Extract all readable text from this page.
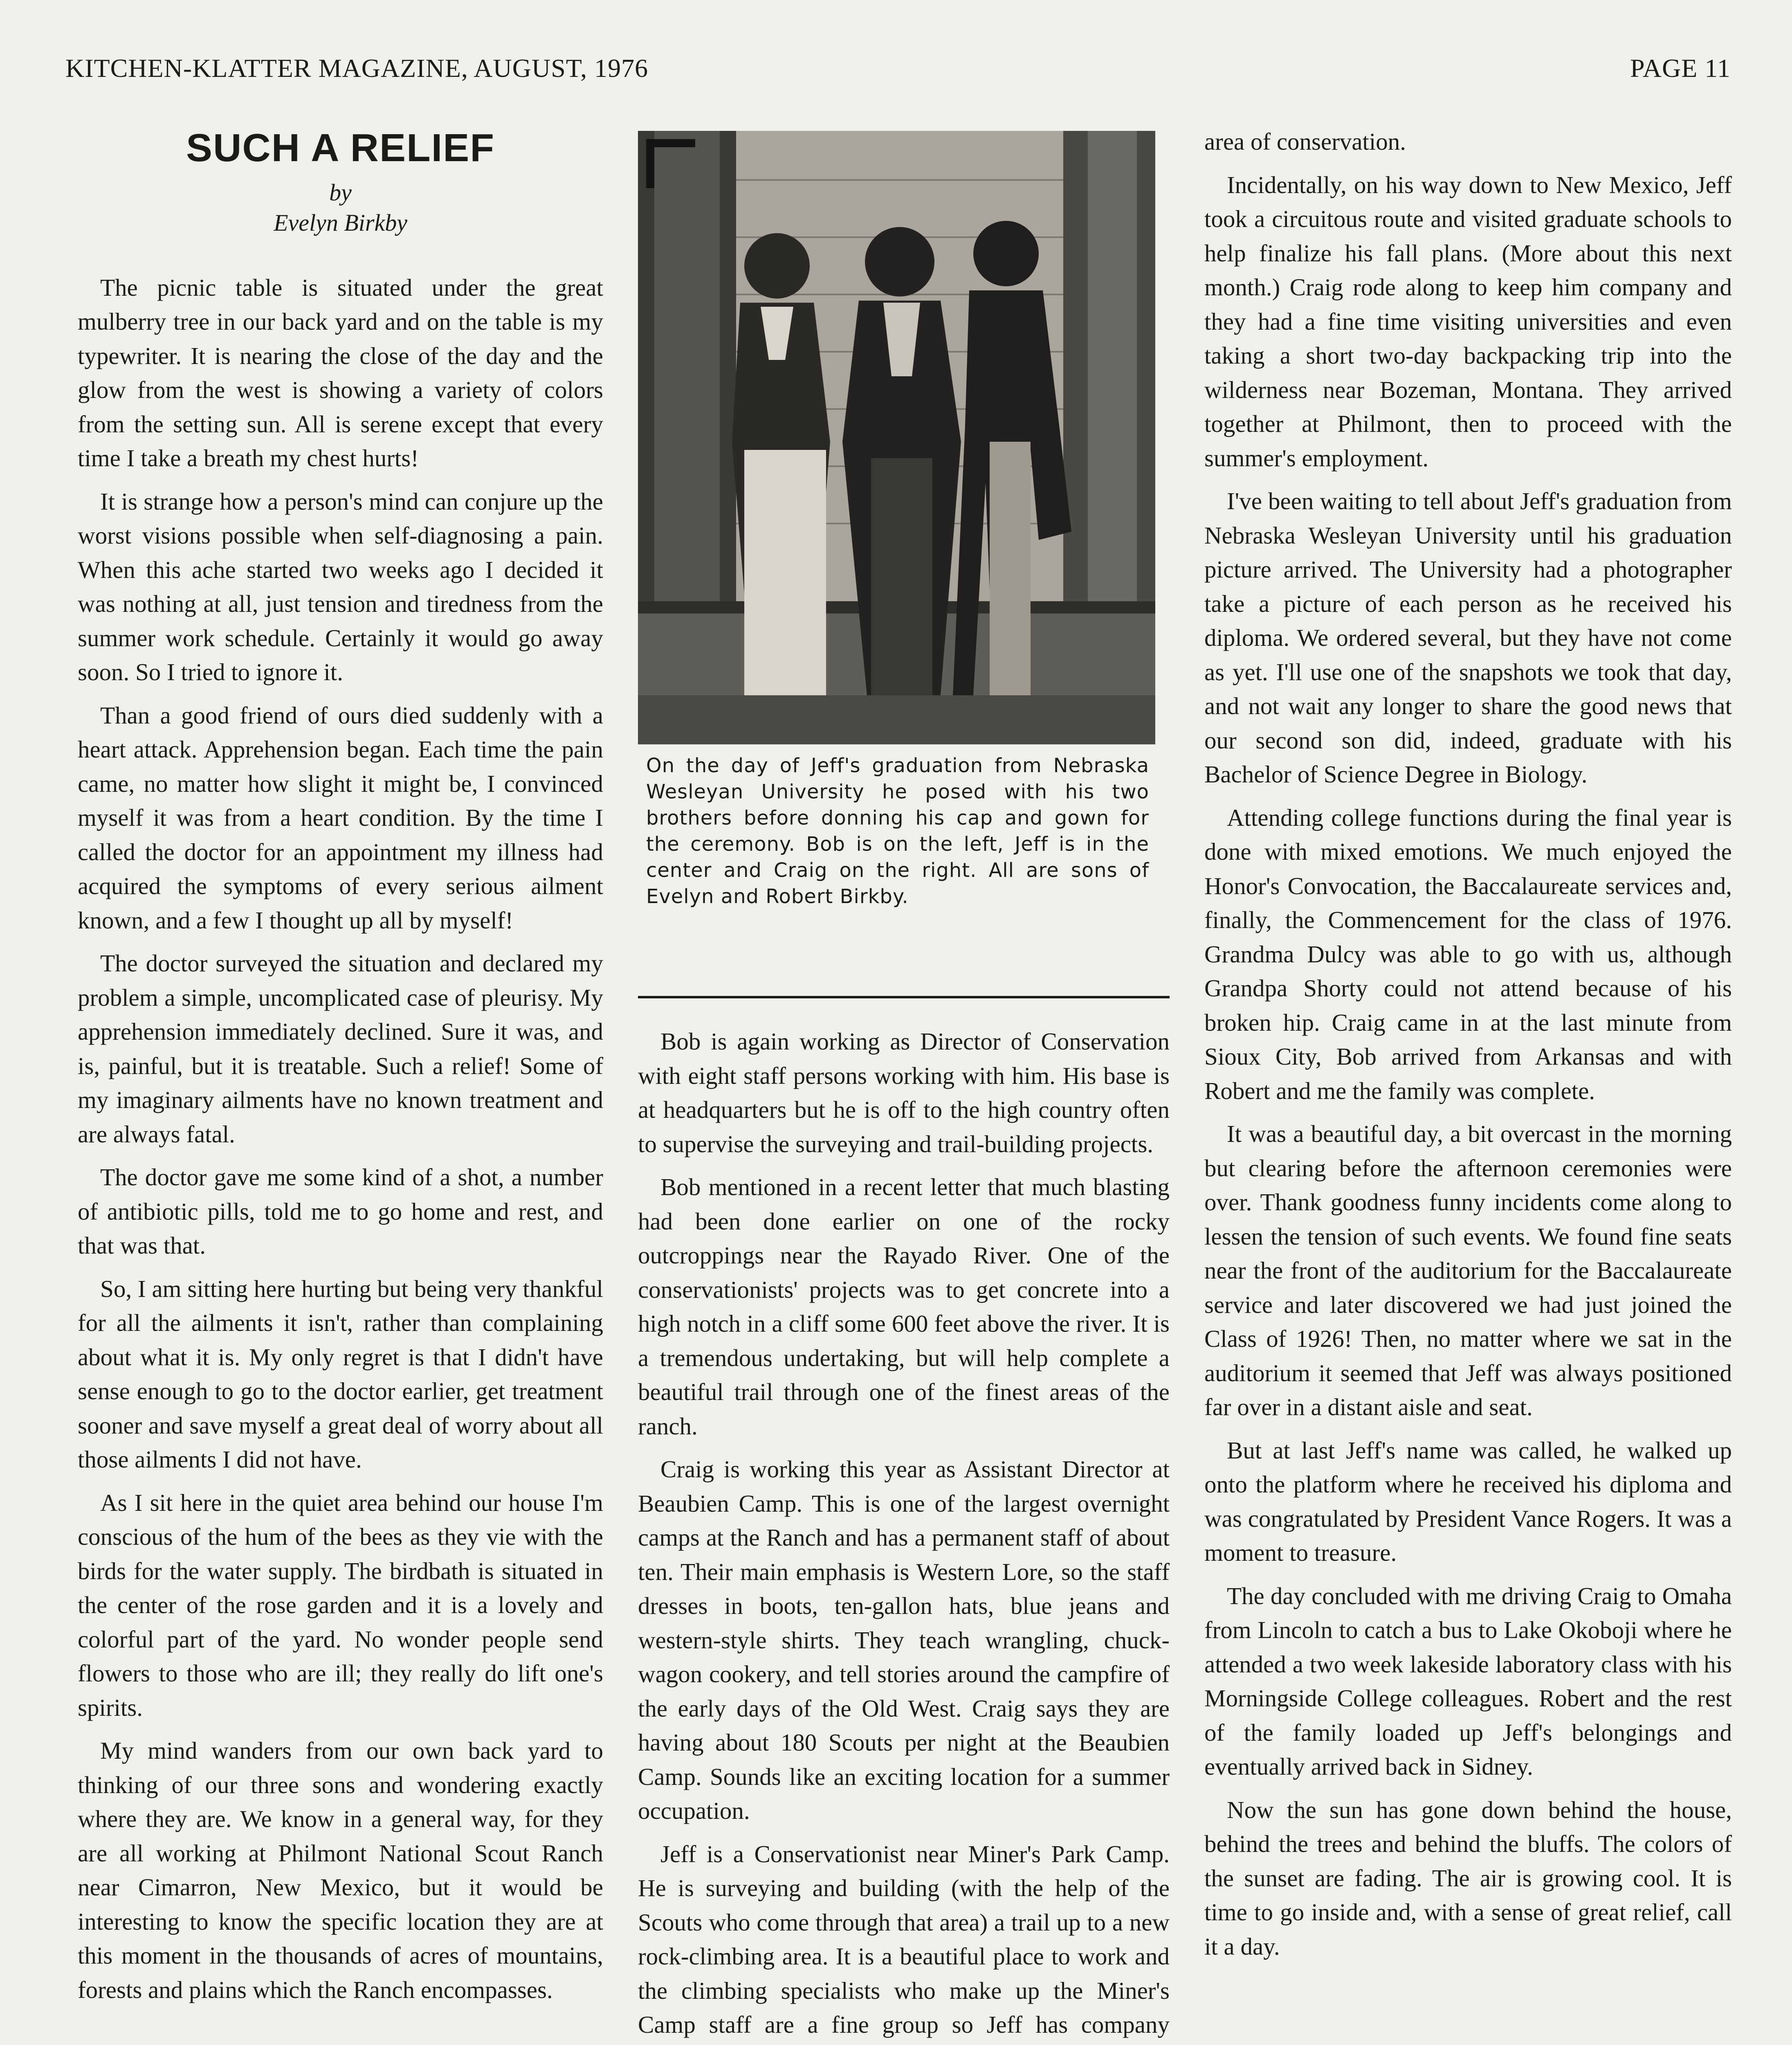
KITCHEN-KLATTER MAGAZINE, AUGUST, 1976	PAGE 11
SUCH A RELIEF
by
Evelyn Birkby

The picnic table is situated under the great mulberry tree in our back yard and on the table is my typewriter. It is nearing the close of the day and the glow from the west is showing a variety of colors from the setting sun. All is serene except that every time I take a breath my chest hurts!

It is strange how a person's mind can conjure up the worst visions possible when self-diagnosing a pain. When this ache started two weeks ago I decided it was nothing at all, just tension and tiredness from the summer work schedule. Certainly it would go away soon. So I tried to ignore it.

Than a good friend of ours died suddenly with a heart attack. Apprehension began. Each time the pain came, no matter how slight it might be, I convinced myself it was from a heart condition. By the time I called the doctor for an appointment my illness had acquired the symptoms of every serious ailment known, and a few I thought up all by myself!

The doctor surveyed the situation and declared my problem a simple, uncomplicated case of pleurisy. My apprehension immediately declined. Sure it was, and is, painful, but it is treatable. Such a relief! Some of my imaginary ailments have no known treatment and are always fatal.

The doctor gave me some kind of a shot, a number of antibiotic pills, told me to go home and rest, and that was that.

So, I am sitting here hurting but being very thankful for all the ailments it isn't, rather than complaining about what it is. My only regret is that I didn't have sense enough to go to the doctor earlier, get treatment sooner and save myself a great deal of worry about all those ailments I did not have.

As I sit here in the quiet area behind our house I'm conscious of the hum of the bees as they vie with the birds for the water supply. The birdbath is situated in the center of the rose garden and it is a lovely and colorful part of the yard. No wonder people send flowers to those who are ill; they really do lift one's spirits.

My mind wanders from our own back yard to thinking of our three sons and wondering exactly where they are. We know in a general way, for they are all working at Philmont National Scout Ranch near Cimarron, New Mexico, but it would be interesting to know the specific location they are at this moment in the thousands of acres of mountains, forests and plains which the Ranch encompasses.

On the day of Jeff's graduation from Nebraska Wesleyan University he posed with his two brothers before donning his cap and gown for the ceremony. Bob is on the left, Jeff is in the center and Craig on the right. All are sons of Evelyn and Robert Birkby.

Bob is again working as Director of Conservation with eight staff persons working with him. His base is at headquarters but he is off to the high country often to supervise the surveying and trail-building projects.

Bob mentioned in a recent letter that much blasting had been done earlier on one of the rocky outcroppings near the Rayado River. One of the conservationists' projects was to get concrete into a high notch in a cliff some 600 feet above the river. It is a tremendous undertaking, but will help complete a beautiful trail through one of the finest areas of the ranch.

Craig is working this year as Assistant Director at Beaubien Camp. This is one of the largest overnight camps at the Ranch and has a permanent staff of about ten. Their main emphasis is Western Lore, so the staff dresses in boots, ten-gallon hats, blue jeans and western-style shirts. They teach wrangling, chuck-wagon cookery, and tell stories around the campfire of the early days of the Old West. Craig says they are having about 180 Scouts per night at the Beaubien Camp. Sounds like an exciting location for a summer occupation.

Jeff is a Conservationist near Miner's Park Camp. He is surveying and building (with the help of the Scouts who come through that area) a trail up to a new rock-climbing area. It is a beautiful place to work and the climbing specialists who make up the Miner's Camp staff are a fine group so Jeff has company

area of conservation.

Incidentally, on his way down to New Mexico, Jeff took a circuitous route and visited graduate schools to help finalize his fall plans. (More about this next month.) Craig rode along to keep him company and they had a fine time visiting universities and even taking a short two-day backpacking trip into the wilderness near Bozeman, Montana. They arrived together at Philmont, then to proceed with the summer's employment.

I've been waiting to tell about Jeff's graduation from Nebraska Wesleyan University until his graduation picture arrived. The University had a photographer take a picture of each person as he received his diploma. We ordered several, but they have not come as yet. I'll use one of the snapshots we took that day, and not wait any longer to share the good news that our second son did, indeed, graduate with his Bachelor of Science Degree in Biology.

Attending college functions during the final year is done with mixed emotions. We much enjoyed the Honor's Convocation, the Baccalaureate services and, finally, the Commencement for the class of 1976. Grandma Dulcy was able to go with us, although Grandpa Shorty could not attend because of his broken hip. Craig came in at the last minute from Sioux City, Bob arrived from Arkansas and with Robert and me the family was complete.

It was a beautiful day, a bit overcast in the morning but clearing before the afternoon ceremonies were over. Thank goodness funny incidents come along to lessen the tension of such events. We found fine seats near the front of the auditorium for the Baccalaureate service and later discovered we had just joined the Class of 1926! Then, no matter where we sat in the auditorium it seemed that Jeff was always positioned far over in a distant aisle and seat.

But at last Jeff's name was called, he walked up onto the platform where he received his diploma and was congratulated by President Vance Rogers. It was a moment to treasure.

The day concluded with me driving Craig to Omaha from Lincoln to catch a bus to Lake Okoboji where he attended a two week lakeside laboratory class with his Morningside College colleagues. Robert and the rest of the family loaded up Jeff's belongings and eventually arrived back in Sidney.

Now the sun has gone down behind the house, behind the trees and behind the bluffs. The colors of the sunset are fading. The air is growing cool. It is time to go inside and, with a sense of great relief, call it a day.
